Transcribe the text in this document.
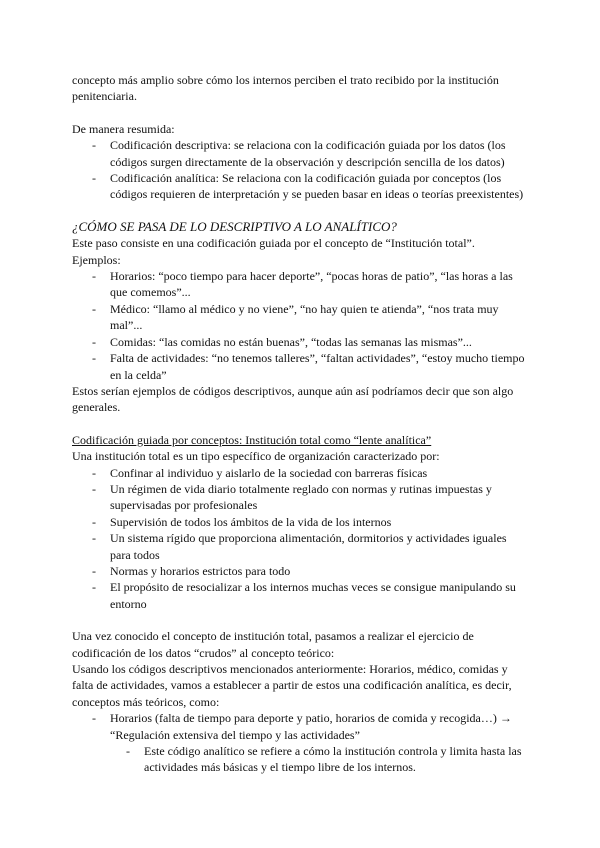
concepto más amplio sobre cómo los internos perciben el trato recibido por la institución

penitenciaria.

De manera resumida:

- Codificación descriptiva: se relaciona con la codificación guiada por los datos (los códigos surgen directamente de la observación y descripción sencilla de los datos)
- Codificación analítica: Se relaciona con la codificación guiada por conceptos (los códigos requieren de interpretación y se pueden basar en ideas o teorías preexistentes)

¿CÓMO SE PASA DE LO DESCRIPTIVO A LO ANALÍTICO?

Este paso consiste en una codificación guiada por el concepto de “Institución total”.

Ejemplos:

- Horarios: “poco tiempo para hacer deporte”, “pocas horas de patio”, “las horas a las que comemos”...
- Médico: “llamo al médico y no viene”, “no hay quien te atienda”, “nos trata muy mal”...
- Comidas: “las comidas no están buenas”, “todas las semanas las mismas”...
- Falta de actividades: “no tenemos talleres”, “faltan actividades”, “estoy mucho tiempo en la celda”

Estos serían ejemplos de códigos descriptivos, aunque aún así podríamos decir que son algo generales.

Codificación guiada por conceptos: Institución total como “lente analítica”

Una institución total es un tipo específico de organización caracterizado por:

- Confinar al individuo y aislarlo de la sociedad con barreras físicas
- Un régimen de vida diario totalmente reglado con normas y rutinas impuestas y supervisadas por profesionales
- Supervisión de todos los ámbitos de la vida de los internos
- Un sistema rígido que proporciona alimentación, dormitorios y actividades iguales para todos
- Normas y horarios estrictos para todo
- El propósito de resocializar a los internos muchas veces se consigue manipulando su entorno

Una vez conocido el concepto de institución total, pasamos a realizar el ejercicio de codificación de los datos “crudos” al concepto teórico:

Usando los códigos descriptivos mencionados anteriormente: Horarios, médico, comidas y falta de actividades, vamos a establecer a partir de estos una codificación analítica, es decir, conceptos más teóricos, como:

- Horarios (falta de tiempo para deporte y patio, horarios de comida y recogida…) → “Regulación extensiva del tiempo y las actividades”
- Este código analítico se refiere a cómo la institución controla y limita hasta las actividades más básicas y el tiempo libre de los internos.
